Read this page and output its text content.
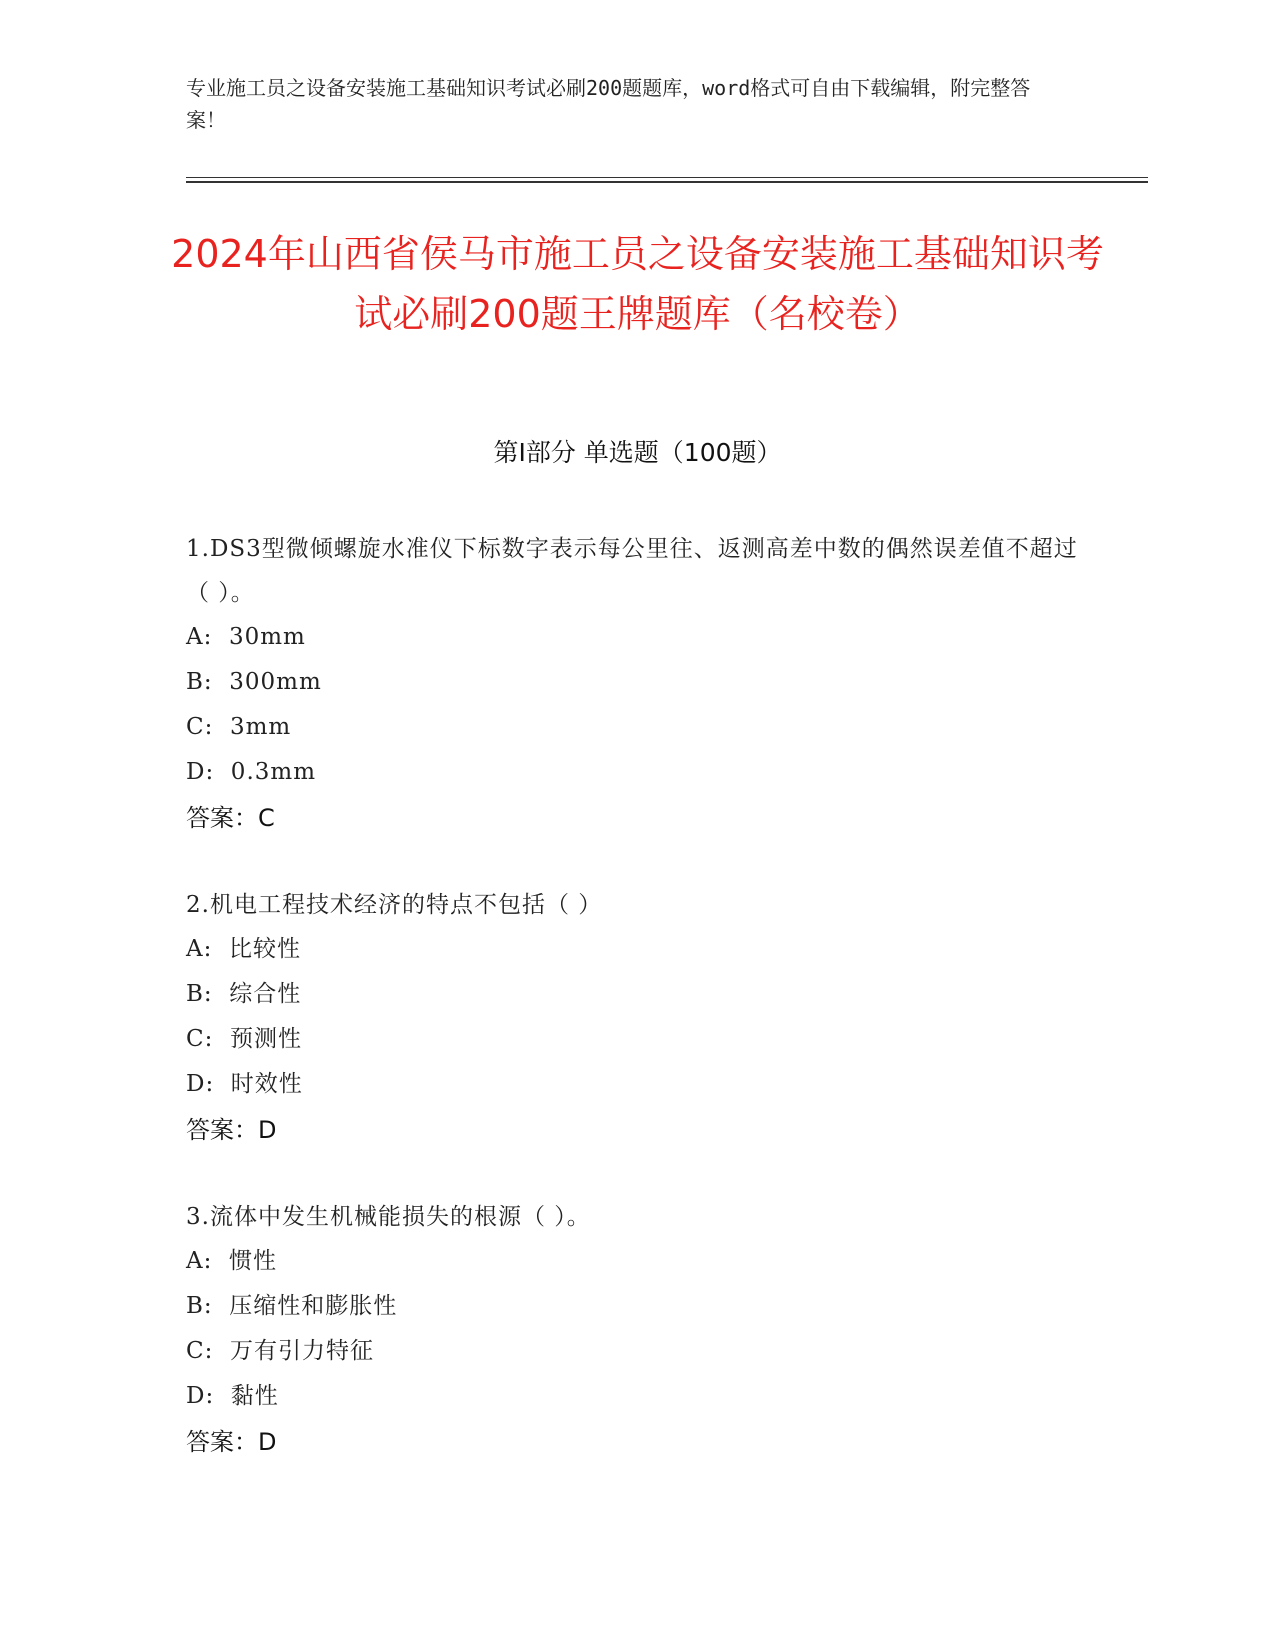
专业施工员之设备安装施工基础知识考试必刷200题题库，word格式可自由下载编辑，附完整答案！
2024年山西省侯马市施工员之设备安装施工基础知识考试必刷200题王牌题库（名校卷）
第I部分 单选题（100题）
1.DS3型微倾螺旋水准仪下标数字表示每公里往、返测高差中数的偶然误差值不超过（ ）。
A:  30mm
B:  300mm
C:  3mm
D:  0.3mm
答案：C
2.机电工程技术经济的特点不包括（ ）
A:  比较性
B:  综合性
C:  预测性
D:  时效性
答案：D
3.流体中发生机械能损失的根源（ ）。
A:  惯性
B:  压缩性和膨胀性
C:  万有引力特征
D:  黏性
答案：D
